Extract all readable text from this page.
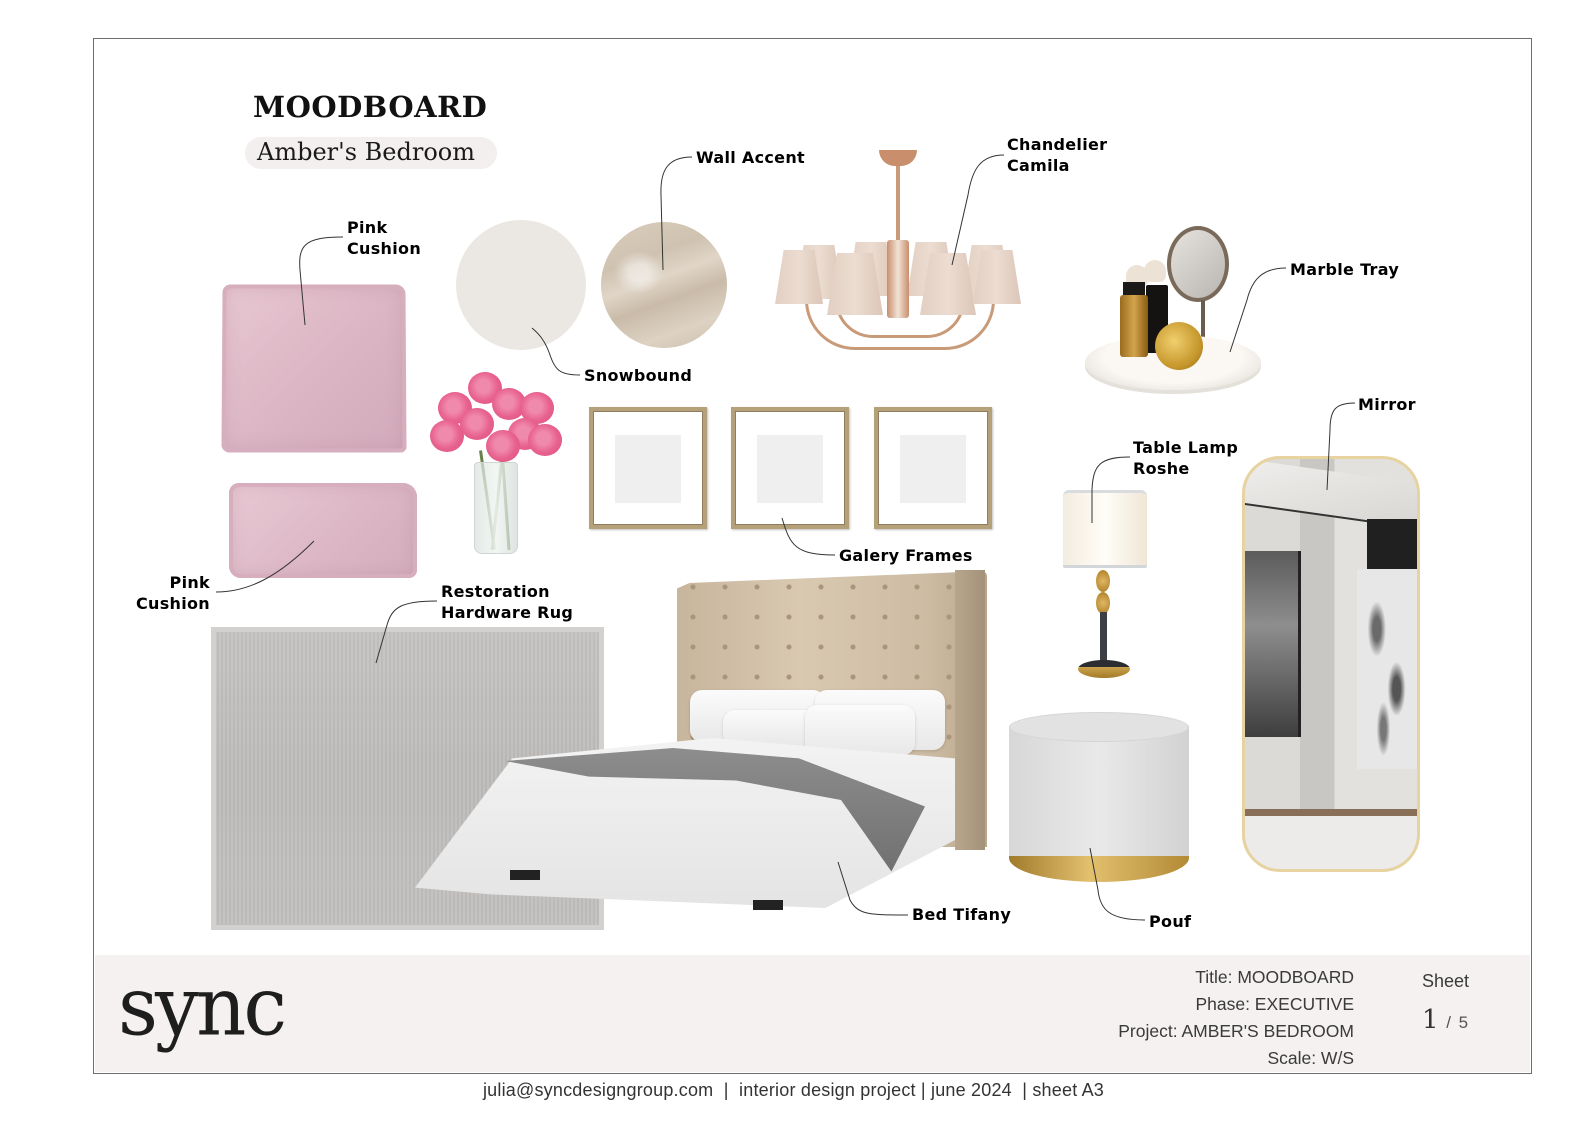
MOODBOARD
Amber's Bedroom
Pink
Cushion
Pink
Cushion
Snowbound
Wall Accent
Chandelier
Camila
Marble Tray
Galery Frames
Table Lamp
Roshe
Mirror
Restoration
Hardware Rug
Bed Tifany	Pouf
sync	Title: MOODBOARD
Phase: EXECUTIVE
Project: AMBER'S BEDROOM
Scale: W/S
Sheet
1 / 5
julia@syncdesigngroup.com  |  interior design project | june 2024  | sheet A3
